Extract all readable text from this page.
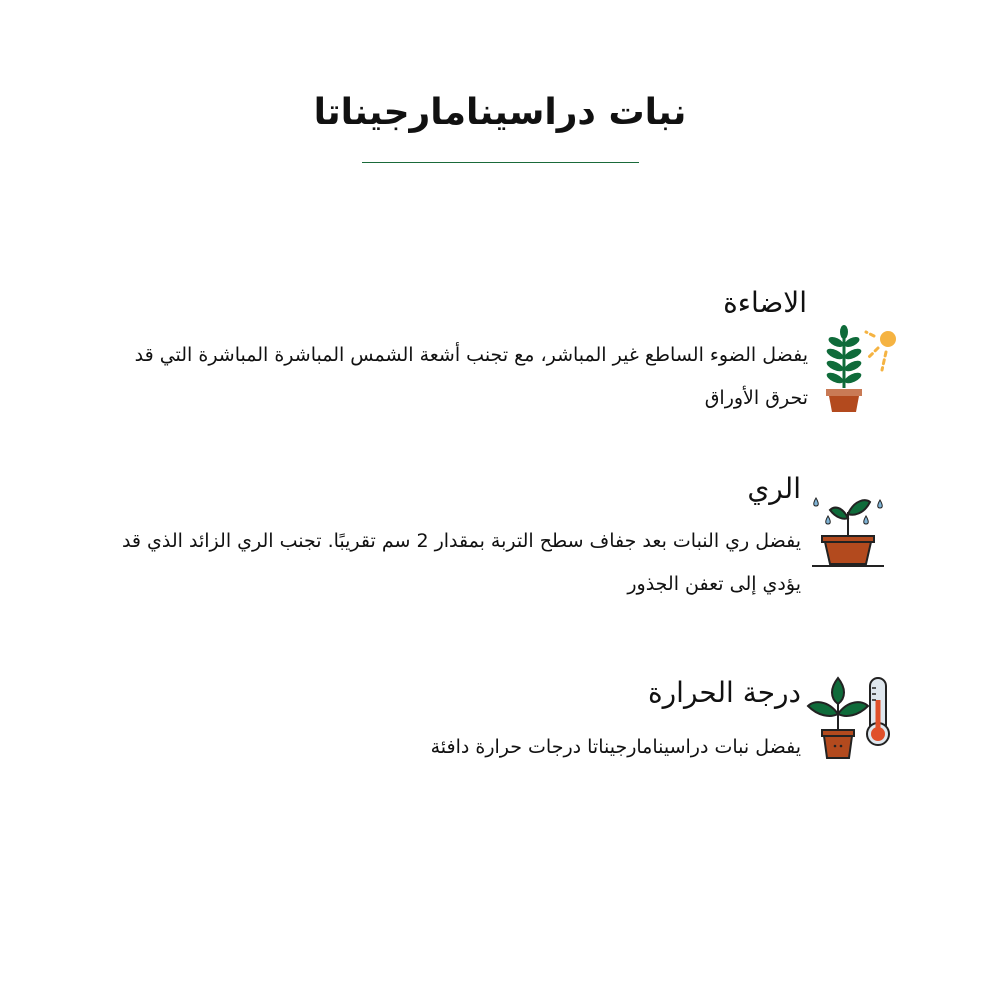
نبات دراسينامارجيناتا
الاضاءة

يفضل الضوء الساطع غير المباشر، مع تجنب أشعة الشمس المباشرة المباشرة التي قد تحرق الأوراق

الري

يفضل ري النبات بعد جفاف سطح التربة بمقدار 2 سم تقريبًا. تجنب الري الزائد الذي قد يؤدي إلى تعفن الجذور

درجة الحرارة

يفضل نبات دراسينامارجيناتا درجات حرارة دافئة
